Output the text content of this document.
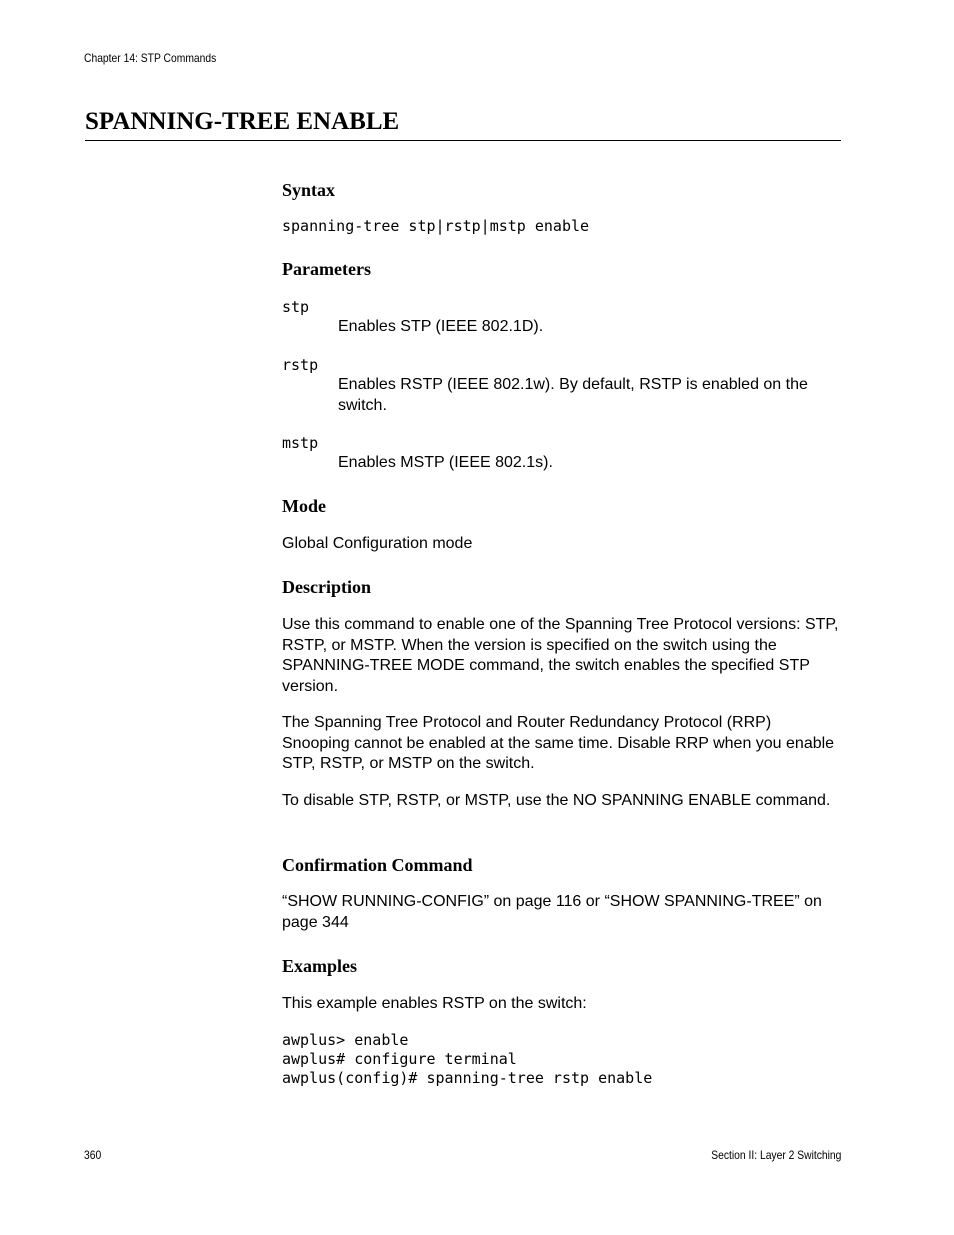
Chapter 14: STP Commands
SPANNING-TREE ENABLE
Syntax
spanning-tree stp|rstp|mstp enable
Parameters
stp
Enables STP (IEEE 802.1D).
rstp
Enables RSTP (IEEE 802.1w). By default, RSTP is enabled on the switch.
mstp
Enables MSTP (IEEE 802.1s).
Mode
Global Configuration mode
Description
Use this command to enable one of the Spanning Tree Protocol versions: STP, RSTP, or MSTP. When the version is specified on the switch using the SPANNING-TREE MODE command, the switch enables the specified STP version.
The Spanning Tree Protocol and Router Redundancy Protocol (RRP) Snooping cannot be enabled at the same time. Disable RRP when you enable STP, RSTP, or MSTP on the switch.
To disable STP, RSTP, or MSTP, use the NO SPANNING ENABLE command.
Confirmation Command
“SHOW RUNNING-CONFIG” on page 116 or “SHOW SPANNING-TREE” on page 344
Examples
This example enables RSTP on the switch:
awplus> enable
awplus# configure terminal
awplus(config)# spanning-tree rstp enable
360	Section II: Layer 2 Switching
